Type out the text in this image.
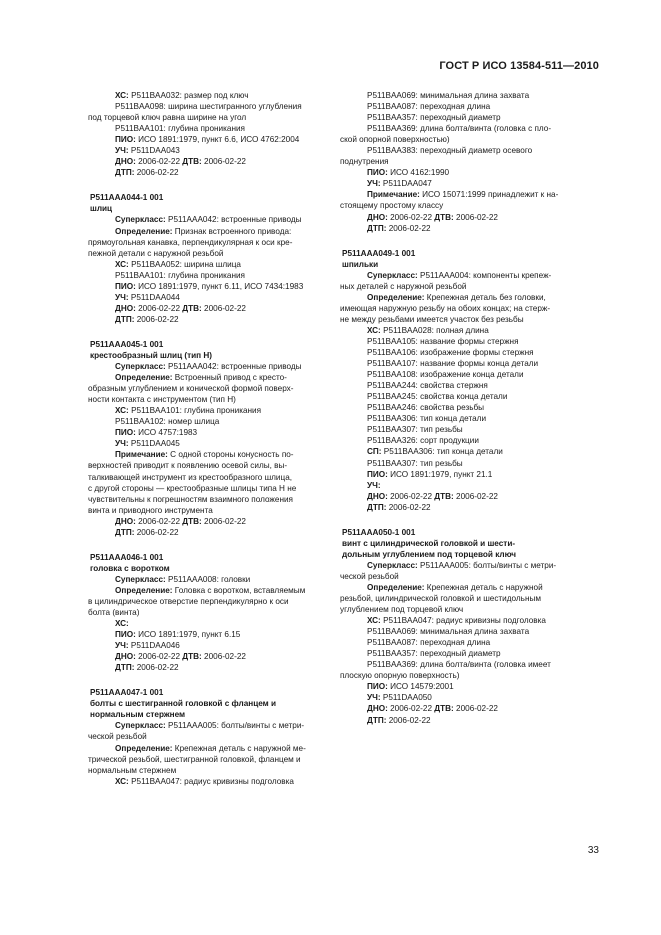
ГОСТ Р ИСО 13584-511—2010

ХС: P511BAA032: размер под ключ

P511BAA098: ширина шестигранного углубления

под торцевой ключ равна ширине на угол

P511BAA101: глубина проникания

ПИО: ИСО 1891:1979, пункт 6.6, ИСО 4762:2004

УЧ: P511DAA043

ДНО: 2006-02-22 ДТВ: 2006-02-22

ДТП: 2006-02-22

P511AAA044-1 001

шлиц

Суперкласс: P511AAA042: встроенные приводы

Определение: Признак встроенного привода:

прямоугольная канавка, перпендикулярная к оси кре-

пежной детали с наружной резьбой

ХС: P511BAA052: ширина шлица

P511BAA101: глубина проникания

ПИО: ИСО 1891:1979, пункт 6.11, ИСО 7434:1983

УЧ: P511DAA044

ДНО: 2006-02-22 ДТВ: 2006-02-22

ДТП: 2006-02-22

P511AAA045-1 001

крестообразный шлиц (тип H)

Суперкласс: P511AAA042: встроенные приводы

Определение: Встроенный привод с кресто-

образным углублением и конической формой поверх-

ности контакта с инструментом (тип H)

ХС: P511BAA101: глубина проникания

P511BAA102: номер шлица

ПИО: ИСО 4757:1983

УЧ: P511DAA045

Примечание: С одной стороны конусность по-

верхностей приводит к появлению осевой силы, вы-

талкивающей инструмент из крестообразного шлица,

с другой стороны — крестообразные шлицы типа H не

чувствительны к погрешностям взаимного положения

винта и приводного инструмента

ДНО: 2006-02-22 ДТВ: 2006-02-22

ДТП: 2006-02-22

P511AAA046-1 001

головка с воротком

Суперкласс: P511AAA008: головки

Определение: Головка с воротком, вставляемым

в цилиндрическое отверстие перпендикулярно к оси

болта (винта)

ХС:

ПИО: ИСО 1891:1979, пункт 6.15

УЧ: P511DAA046

ДНО: 2006-02-22 ДТВ: 2006-02-22

ДТП: 2006-02-22

P511AAA047-1 001

болты с шестигранной головкой с фланцем и

нормальным стержнем

Суперкласс: P511AAA005: болты/винты с метри-

ческой резьбой

Определение: Крепежная деталь с наружной ме-

трической резьбой, шестигранной головкой, фланцем и

нормальным стержнем

ХС: P511BAA047: радиус кривизны подголовка

P511BAA069: минимальная длина захвата

P511BAA087: переходная длина

P511BAA357: переходный диаметр

P511BAA369: длина болта/винта (головка с пло-

ской опорной поверхностью)

P511BAA383: переходный диаметр осевого

поднутрения

ПИО: ИСО 4162:1990

УЧ: P511DAA047

Примечание: ИСО 15071:1999 принадлежит к на-

стоящему простому классу

ДНО: 2006-02-22 ДТВ: 2006-02-22

ДТП: 2006-02-22

P511AAA049-1 001

шпильки

Суперкласс: P511AAA004: компоненты крепеж-

ных деталей с наружной резьбой

Определение: Крепежная деталь без головки,

имеющая наружную резьбу на обоих концах; на стерж-

не между резьбами имеется участок без резьбы

ХС: P511BAA028: полная длина

P511BAA105: название формы стержня

P511BAA106: изображение формы стержня

P511BAA107: название формы конца детали

P511BAA108: изображение конца детали

P511BAA244: свойства стержня

P511BAA245: свойства конца детали

P511BAA246: свойства резьбы

P511BAA306: тип конца детали

P511BAA307: тип резьбы

P511BAA326: сорт продукции

СП: P511BAA306: тип конца детали

P511BAA307: тип резьбы

ПИО: ИСО 1891:1979, пункт 21.1

УЧ:

ДНО: 2006-02-22 ДТВ: 2006-02-22

ДТП: 2006-02-22

P511AAA050-1 001

винт с цилиндрической головкой и шести-

дольным углублением под торцевой ключ

Суперкласс: P511AAA005: болты/винты с метри-

ческой резьбой

Определение: Крепежная деталь с наружной

резьбой, цилиндрической головкой и шестидольным

углублением под торцевой ключ

ХС: P511BAA047: радиус кривизны подголовка

P511BAA069: минимальная длина захвата

P511BAA087: переходная длина

P511BAA357: переходный диаметр

P511BAA369: длина болта/винта (головка имеет

плоскую опорную поверхность)

ПИО: ИСО 14579:2001

УЧ: P511DAA050

ДНО: 2006-02-22 ДТВ: 2006-02-22

ДТП: 2006-02-22

33
